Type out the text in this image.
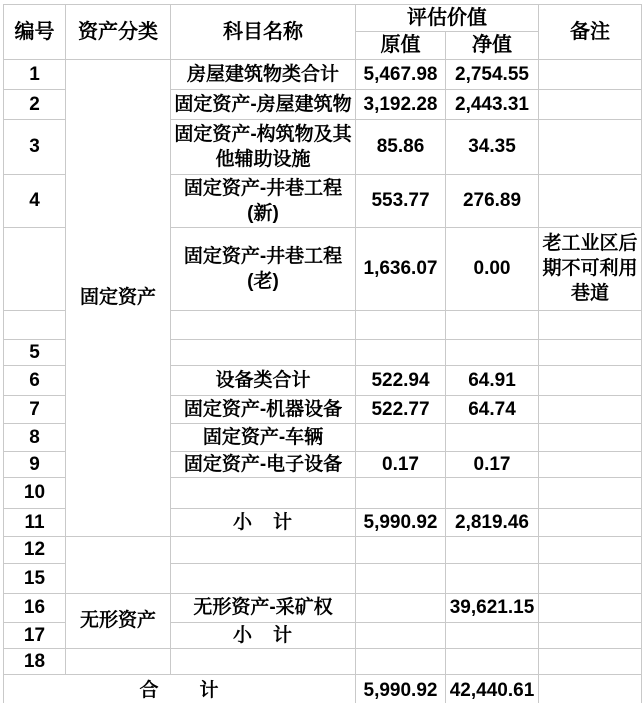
编号	资产分类	科目名称	评估价值		备注
			原值	净值	
1	固定资产	房屋建筑物类合计	5,467.98	2,754.55	
2		固定资产-房屋建筑物	3,192.28	2,443.31	
3		固定资产-构筑物及其他辅助设施	85.86	34.35	
4		固定资产-井巷工程(新)	553.77	276.89	
		固定资产-井巷工程(老)	1,636.07	0.00	老工业区后期不可利用巷道

5					
6		设备类合计	522.94	64.91	
7		固定资产-机器设备	522.77	64.74	
8		固定资产-车辆			
9		固定资产-电子设备	0.17	0.17	
10					
11		小　计	5,990.92	2,819.46	
12					
15					
16	无形资产	无形资产-采矿权		39,621.15	
17		小　计			
18					
合　　计			5,990.92	42,440.61	
